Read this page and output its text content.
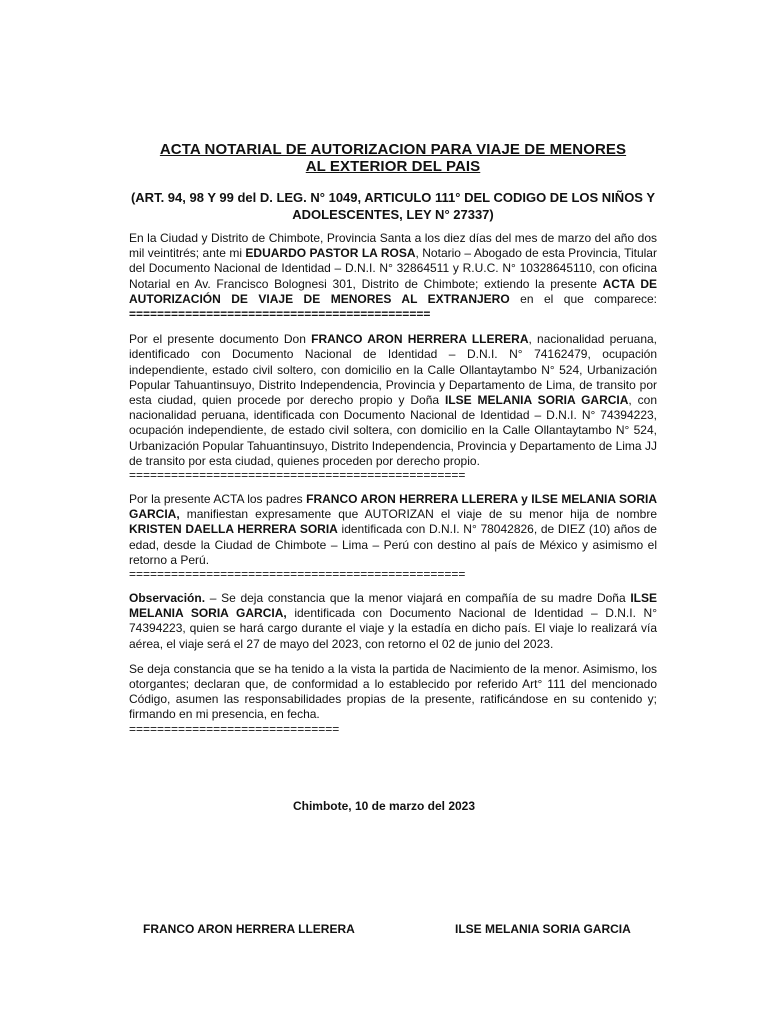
ACTA NOTARIAL DE AUTORIZACION PARA VIAJE DE MENORES
AL EXTERIOR DEL PAIS
(ART. 94, 98 Y 99 del D. LEG. N° 1049, ARTICULO 111° DEL CODIGO DE LOS NIÑOS Y ADOLESCENTES, LEY N° 27337)

En la Ciudad y Distrito de Chimbote, Provincia Santa a los diez días del mes de marzo del año dos mil veintitrés; ante mi EDUARDO PASTOR LA ROSA, Notario – Abogado de esta Provincia, Titular del Documento Nacional de Identidad – D.N.I. N° 32864511 y R.U.C. N° 10328645110, con oficina Notarial en Av. Francisco Bolognesi 301, Distrito de Chimbote; extiendo la presente ACTA DE AUTORIZACIÓN DE VIAJE DE MENORES AL EXTRANJERO en el que comparece: ===========================================

Por el presente documento Don FRANCO ARON HERRERA LLERERA, nacionalidad peruana, identificado con Documento Nacional de Identidad – D.N.I. N° 74162479, ocupación independiente, estado civil soltero, con domicilio en la Calle Ollantaytambo N° 524, Urbanización Popular Tahuantinsuyo, Distrito Independencia, Provincia y Departamento de Lima, de transito por esta ciudad, quien procede por derecho propio y Doña ILSE MELANIA SORIA GARCIA, con nacionalidad peruana, identificada con Documento Nacional de Identidad – D.N.I. N° 74394223, ocupación independiente, de estado civil soltera, con domicilio en la Calle Ollantaytambo N° 524, Urbanización Popular Tahuantinsuyo, Distrito Independencia, Provincia y Departamento de Lima JJ de transito por esta ciudad, quienes proceden por derecho propio.
================================================

Por la presente ACTA los padres FRANCO ARON HERRERA LLERERA y ILSE MELANIA SORIA GARCIA, manifiestan expresamente que AUTORIZAN el viaje de su menor hija de nombre KRISTEN DAELLA HERRERA SORIA identificada con D.N.I. N° 78042826, de DIEZ (10) años de edad, desde la Ciudad de Chimbote – Lima – Perú con destino al país de México y asimismo el retorno a Perú.
================================================

Observación. – Se deja constancia que la menor viajará en compañía de su madre Doña ILSE MELANIA SORIA GARCIA, identificada con Documento Nacional de Identidad – D.N.I. N° 74394223, quien se hará cargo durante el viaje y la estadía en dicho país. El viaje lo realizará vía aérea, el viaje será el 27 de mayo del 2023, con retorno el 02 de junio del 2023.

Se deja constancia que se ha tenido a la vista la partida de Nacimiento de la menor. Asimismo, los otorgantes; declaran que, de conformidad a lo establecido por referido Art° 111 del mencionado Código, asumen las responsabilidades propias de la presente, ratificándose en su contenido y; firmando en mi presencia, en fecha.
==============================

Chimbote, 10 de marzo del 2023
FRANCO ARON HERRERA LLERERA	ILSE MELANIA SORIA GARCIA
